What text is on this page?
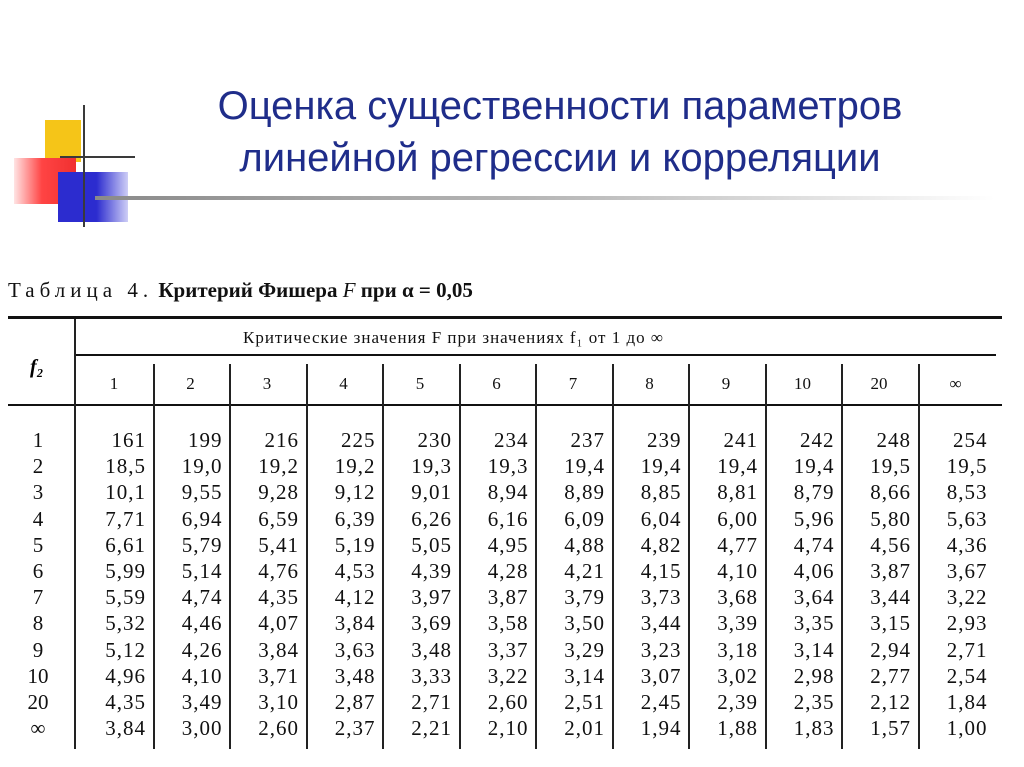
Оценка существенности параметров
линейной регрессии и корреляции
Таблица 4. Критерий Фишера F при α = 0,05
Критические значения F при значениях f₁ от 1 до ∞
f₂
1	2	3	4	5	6	7	8	9	10	20	∞
1	161	199	216	225	230	234	237	239	241	242	248	254
2	18,5	19,0	19,2	19,2	19,3	19,3	19,4	19,4	19,4	19,4	19,5	19,5
3	10,1	9,55	9,28	9,12	9,01	8,94	8,89	8,85	8,81	8,79	8,66	8,53
4	7,71	6,94	6,59	6,39	6,26	6,16	6,09	6,04	6,00	5,96	5,80	5,63
5	6,61	5,79	5,41	5,19	5,05	4,95	4,88	4,82	4,77	4,74	4,56	4,36
6	5,99	5,14	4,76	4,53	4,39	4,28	4,21	4,15	4,10	4,06	3,87	3,67
7	5,59	4,74	4,35	4,12	3,97	3,87	3,79	3,73	3,68	3,64	3,44	3,22
8	5,32	4,46	4,07	3,84	3,69	3,58	3,50	3,44	3,39	3,35	3,15	2,93
9	5,12	4,26	3,84	3,63	3,48	3,37	3,29	3,23	3,18	3,14	2,94	2,71
10	4,96	4,10	3,71	3,48	3,33	3,22	3,14	3,07	3,02	2,98	2,77	2,54
20	4,35	3,49	3,10	2,87	2,71	2,60	2,51	2,45	2,39	2,35	2,12	1,84
∞	3,84	3,00	2,60	2,37	2,21	2,10	2,01	1,94	1,88	1,83	1,57	1,00
